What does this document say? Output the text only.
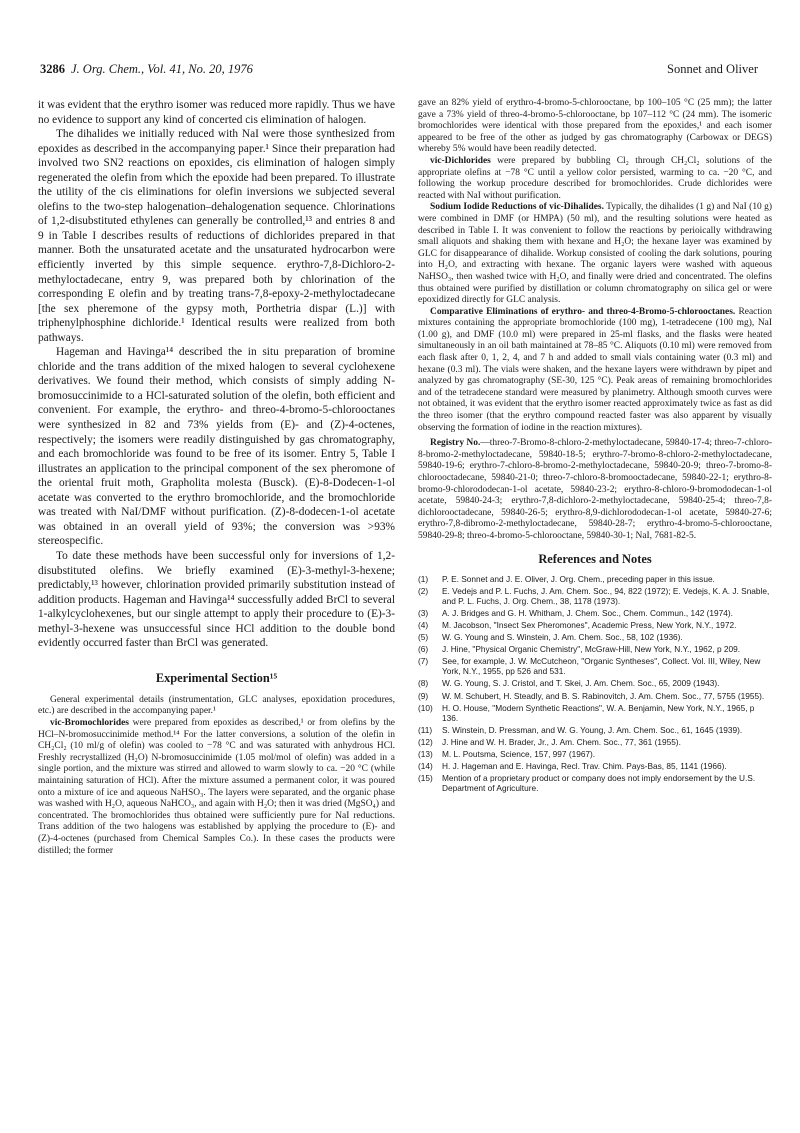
3286 J. Org. Chem., Vol. 41, No. 20, 1976	Sonnet and Oliver

it was evident that the erythro isomer was reduced more rapidly. Thus we have no evidence to support any kind of concerted cis elimination of halogen.

The dihalides we initially reduced with NaI were those synthesized from epoxides as described in the accompanying paper.¹ Since their preparation had involved two SN2 reactions on epoxides, cis elimination of halogen simply regenerated the olefin from which the epoxide had been prepared. To illustrate the utility of the cis eliminations for olefin inversions we subjected several olefins to the two-step halogenation–dehalogenation sequence. Chlorinations of 1,2-disubstituted ethylenes can generally be controlled,¹³ and entries 8 and 9 in Table I describes results of reductions of dichlorides prepared in that manner. Both the unsaturated acetate and the unsaturated hydrocarbon were efficiently inverted by this simple sequence. erythro-7,8-Dichloro-2-methyloctadecane, entry 9, was prepared both by chlorination of the corresponding E olefin and by treating trans-7,8-epoxy-2-methyloctadecane [the sex pheremone of the gypsy moth, Porthetria dispar (L.)] with triphenylphosphine dichloride.¹ Identical results were realized from both pathways.

Hageman and Havinga¹⁴ described the in situ preparation of bromine chloride and the trans addition of the mixed halogen to several cyclohexene derivatives. We found their method, which consists of simply adding N-bromosuccinimide to a HCl-saturated solution of the olefin, both efficient and convenient. For example, the erythro- and threo-4-bromo-5-chlorooctanes were synthesized in 82 and 73% yields from (E)- and (Z)-4-octenes, respectively; the isomers were readily distinguished by gas chromatography, and each bromochloride was found to be free of its isomer. Entry 5, Table I illustrates an application to the principal component of the sex pheromone of the oriental fruit moth, Grapholita molesta (Busck). (E)-8-Dodecen-1-ol acetate was converted to the erythro bromochloride, and the bromochloride was treated with NaI/DMF without purification. (Z)-8-dodecen-1-ol acetate was obtained in an overall yield of 93%; the conversion was >93% stereospecific.

To date these methods have been successful only for inversions of 1,2-disubstituted olefins. We briefly examined (E)-3-methyl-3-hexene; predictably,¹³ however, chlorination provided primarily substitution instead of addition products. Hageman and Havinga¹⁴ successfully added BrCl to several 1-alkylcyclohexenes, but our single attempt to apply their procedure to (E)-3-methyl-3-hexene was unsuccessful since HCl addition to the double bond evidently occurred faster than BrCl was generated.

Experimental Section¹⁵

General experimental details (instrumentation, GLC analyses, epoxidation procedures, etc.) are described in the accompanying paper.¹

vic-Bromochlorides were prepared from epoxides as described,¹ or from olefins by the HCl–N-bromosuccinimide method.¹⁴ For the latter conversions, a solution of the olefin in CH₂Cl₂ (10 ml/g of olefin) was cooled to −78 °C and was saturated with anhydrous HCl. Freshly recrystallized (H₂O) N-bromosuccinimide (1.05 mol/mol of olefin) was added in a single portion, and the mixture was stirred and allowed to warm slowly to ca. −20 °C (while maintaining saturation of HCl). After the mixture assumed a permanent color, it was poured onto a mixture of ice and aqueous NaHSO₃. The layers were separated, and the organic phase was washed with H₂O, aqueous NaHCO₃, and again with H₂O; then it was dried (MgSO₄) and concentrated. The bromochlorides thus obtained were sufficiently pure for NaI reductions. Trans addition of the two halogens was established by applying the procedure to (E)- and (Z)-4-octenes (purchased from Chemical Samples Co.). In these cases the products were distilled; the former

gave an 82% yield of erythro-4-bromo-5-chlorooctane, bp 100–105 °C (25 mm); the latter gave a 73% yield of threo-4-bromo-5-chlorooctane, bp 107–112 °C (24 mm). The isomeric bromochlorides were identical with those prepared from the epoxides,¹ and each isomer appeared to be free of the other as judged by gas chromatography (Carbowax or DEGS) whereby 5% would have been readily detected.

vic-Dichlorides were prepared by bubbling Cl₂ through CH₂Cl₂ solutions of the appropriate olefins at −78 °C until a yellow color persisted, warming to ca. −20 °C, and following the workup procedure described for bromochlorides. Crude dichlorides were reacted with NaI without purification.

Sodium Iodide Reductions of vic-Dihalides. Typically, the dihalides (1 g) and NaI (10 g) were combined in DMF (or HMPA) (50 ml), and the resulting solutions were heated as described in Table I. It was convenient to follow the reactions by perioically withdrawing small aliquots and shaking them with hexane and H₂O; the hexane layer was examined by GLC for disappearance of dihalide. Workup consisted of cooling the dark solutions, pouring into H₂O, and extracting with hexane. The organic layers were washed with aqueous NaHSO₃, then washed twice with H₂O, and finally were dried and concentrated. The olefins thus obtained were purified by distillation or column chromatography on silica gel or were epoxidized directly for GLC analysis.

Comparative Eliminations of erythro- and threo-4-Bromo-5-chlorooctanes. Reaction mixtures containing the appropriate bromochloride (100 mg), 1-tetradecene (100 mg), NaI (1.00 g), and DMF (10.0 ml) were prepared in 25-ml flasks, and the flasks were heated simultaneously in an oil bath maintained at 78–85 °C. Aliquots (0.10 ml) were removed from each flask after 0, 1, 2, 4, and 7 h and added to small vials containing water (0.3 ml) and hexane (0.3 ml). The vials were shaken, and the hexane layers were withdrawn by pipet and analyzed by gas chromatography (SE-30, 125 °C). Peak areas of remaining bromochlorides and of the tetradecene standard were measured by planimetry. Although smooth curves were not obtained, it was evident that the erythro isomer reacted approximately twice as fast as did the threo isomer (that the erythro compound reacted faster was also apparent by visually observing the formation of iodine in the reaction mixtures).

Registry No.—threo-7-Bromo-8-chloro-2-methyloctadecane, 59840-17-4; threo-7-chloro-8-bromo-2-methyloctadecane, 59840-18-5; erythro-7-bromo-8-chloro-2-methyloctadecane, 59840-19-6; erythro-7-chloro-8-bromo-2-methyloctadecane, 59840-20-9; threo-7-bromo-8-chlorooctadecane, 59840-21-0; threo-7-chloro-8-bromooctadecane, 59840-22-1; erythro-8-bromo-9-chlorododecan-1-ol acetate, 59840-23-2; erythro-8-chloro-9-bromododecan-1-ol acetate, 59840-24-3; erythro-7,8-dichloro-2-methyloctadecane, 59840-25-4; threo-7,8-dichlorooctadecane, 59840-26-5; erythro-8,9-dichlorododecan-1-ol acetate, 59840-27-6; erythro-7,8-dibromo-2-methyloctadecane, 59840-28-7; erythro-4-bromo-5-chlorooctane, 59840-29-8; threo-4-bromo-5-chlorooctane, 59840-30-1; NaI, 7681-82-5.

References and Notes
(1) P. E. Sonnet and J. E. Oliver, J. Org. Chem., preceding paper in this issue.
(2) E. Vedejs and P. L. Fuchs, J. Am. Chem. Soc., 94, 822 (1972); E. Vedejs, K. A. J. Snable, and P. L. Fuchs, J. Org. Chem., 38, 1178 (1973).
(3) A. J. Bridges and G. H. Whitham, J. Chem. Soc., Chem. Commun., 142 (1974).
(4) M. Jacobson, "Insect Sex Pheromones", Academic Press, New York, N.Y., 1972.
(5) W. G. Young and S. Winstein, J. Am. Chem. Soc., 58, 102 (1936).
(6) J. Hine, "Physical Organic Chemistry", McGraw-Hill, New York, N.Y., 1962, p 209.
(7) See, for example, J. W. McCutcheon, "Organic Syntheses", Collect. Vol. III, Wiley, New York, N.Y., 1955, pp 526 and 531.
(8) W. G. Young, S. J. Cristol, and T. Skei, J. Am. Chem. Soc., 65, 2009 (1943).
(9) W. M. Schubert, H. Steadly, and B. S. Rabinovitch, J. Am. Chem. Soc., 77, 5755 (1955).
(10) H. O. House, "Modern Synthetic Reactions", W. A. Benjamin, New York, N.Y., 1965, p 136.
(11) S. Winstein, D. Pressman, and W. G. Young, J. Am. Chem. Soc., 61, 1645 (1939).
(12) J. Hine and W. H. Brader, Jr., J. Am. Chem. Soc., 77, 361 (1955).
(13) M. L. Poutsma, Science, 157, 997 (1967).
(14) H. J. Hageman and E. Havinga, Recl. Trav. Chim. Pays-Bas, 85, 1141 (1966).
(15) Mention of a proprietary product or company does not imply endorsement by the U.S. Department of Agriculture.
